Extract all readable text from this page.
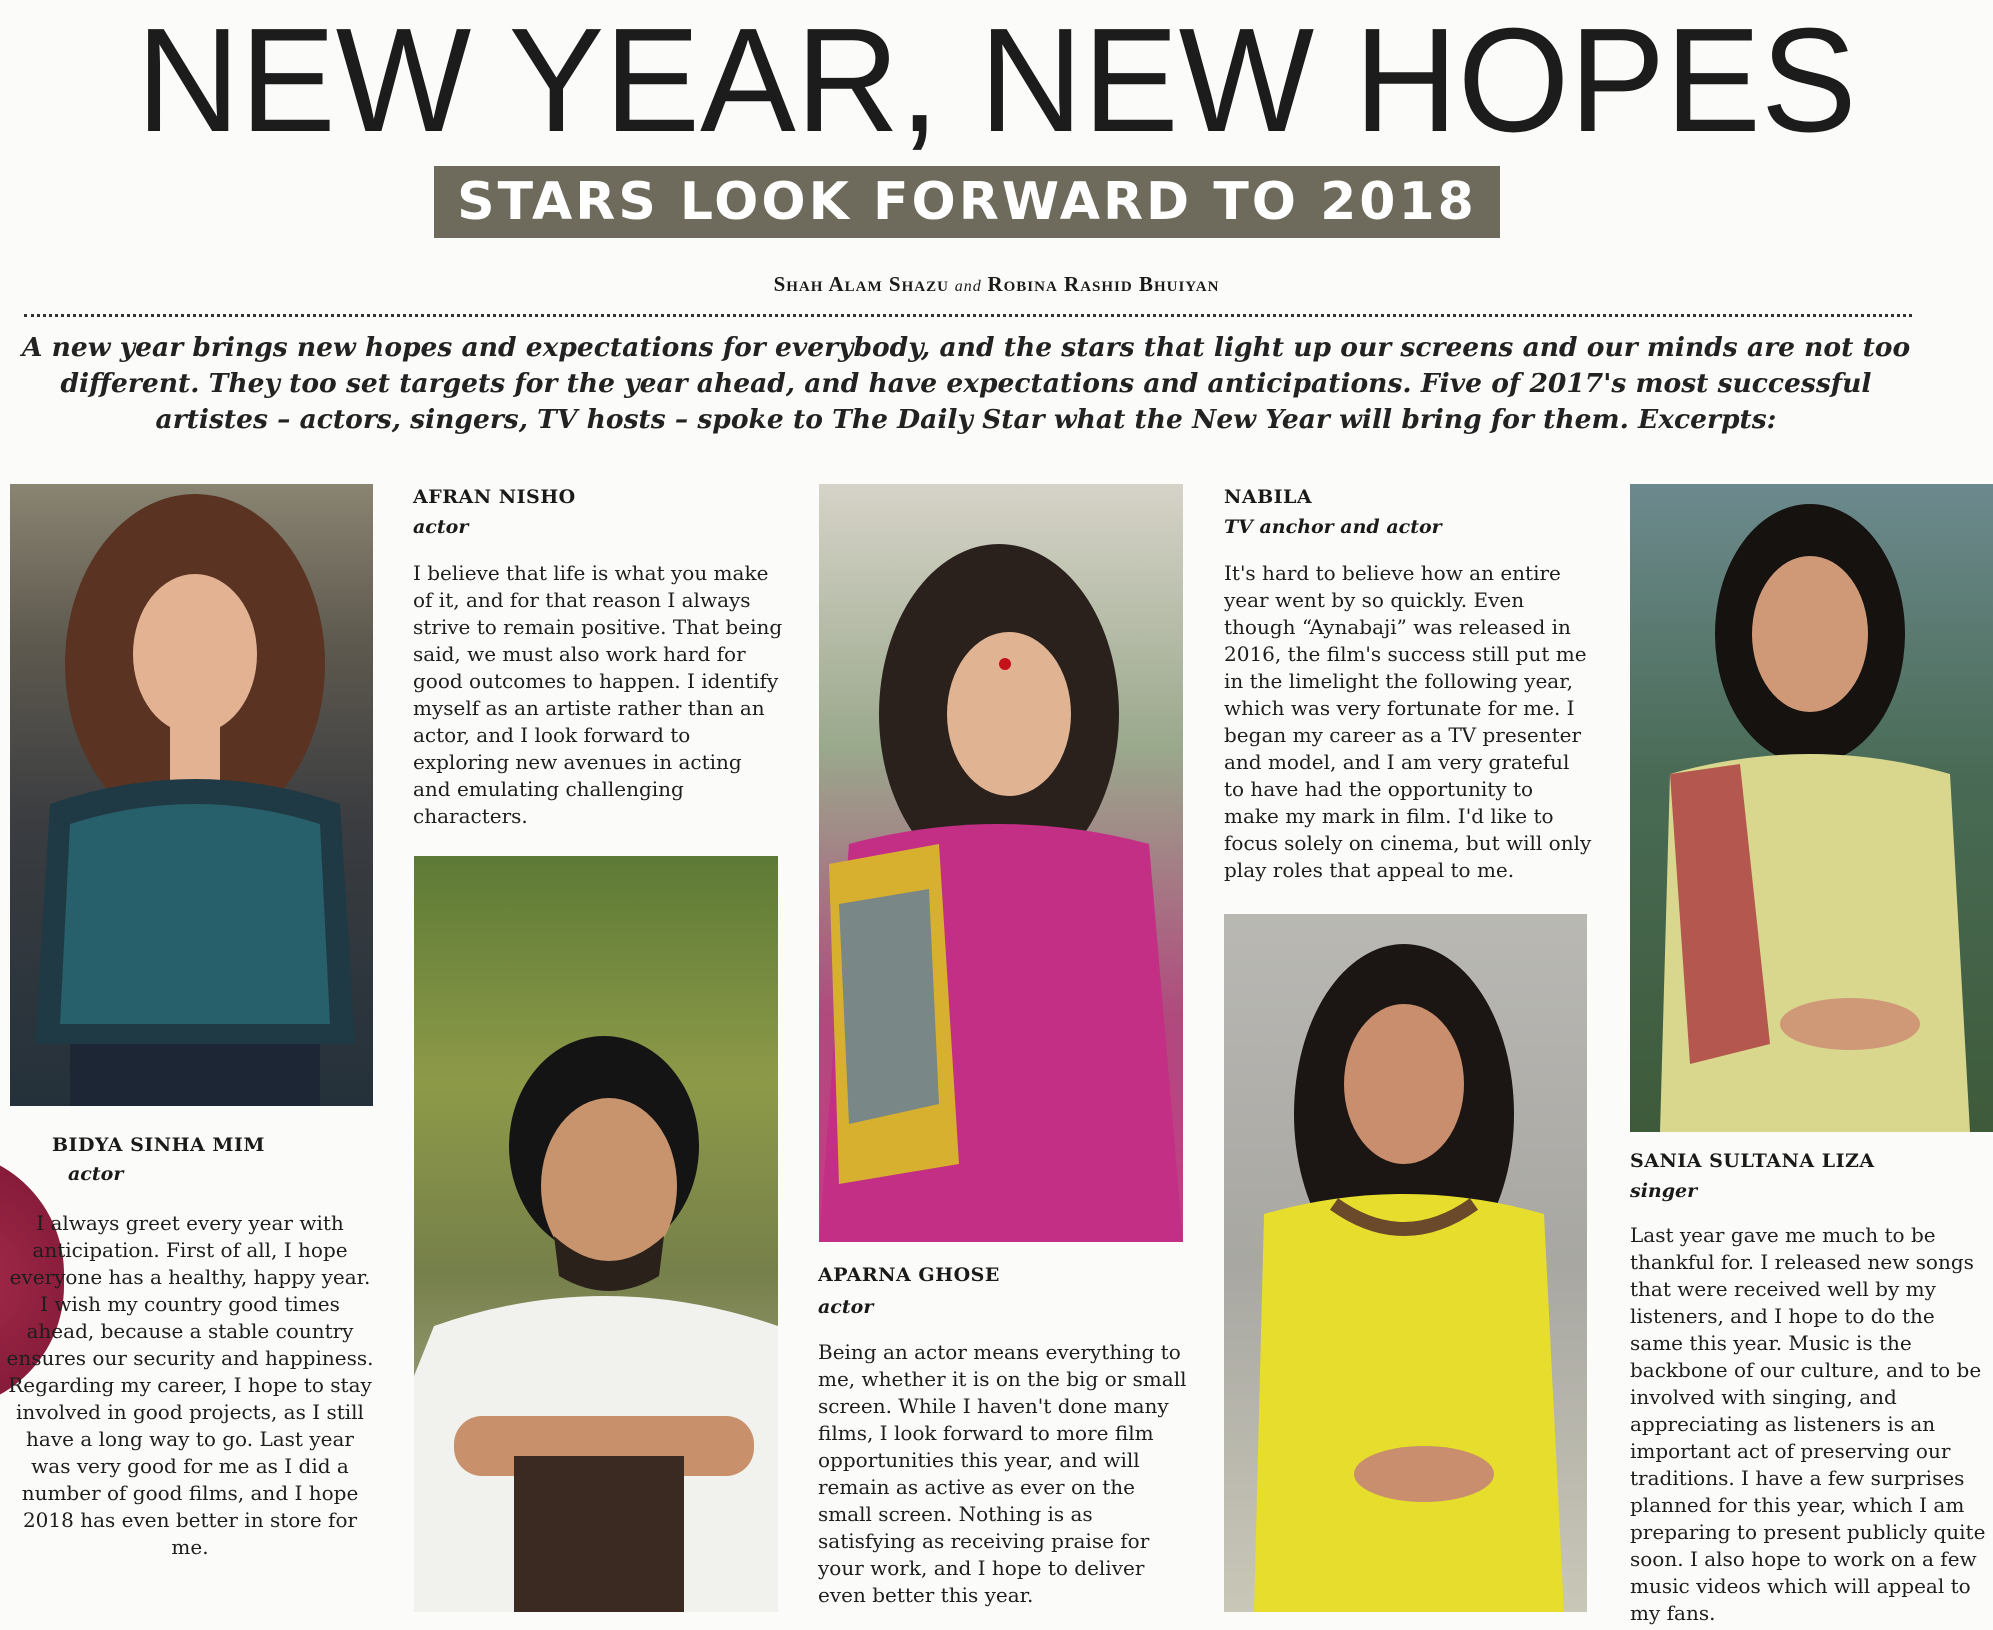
NEW YEAR, NEW HOPES
STARS LOOK FORWARD TO 2018
Shah Alam Shazu and Robina Rashid Bhuiyan
A new year brings new hopes and expectations for everybody, and the stars that light up our screens and our minds are not too different. They too set targets for the year ahead, and have expectations and anticipations. Five of 2017's most successful artistes – actors, singers, TV hosts – spoke to The Daily Star what the New Year will bring for them. Excerpts:
BIDYA SINHA MIM
actor
I always greet every year with anticipation. First of all, I hope everyone has a healthy, happy year. I wish my country good times ahead, because a stable country ensures our security and happiness. Regarding my career, I hope to stay involved in good projects, as I still have a long way to go. Last year was very good for me as I did a number of good films, and I hope 2018 has even better in store for me.
AFRAN NISHO
actor
I believe that life is what you make of it, and for that reason I always strive to remain positive. That being said, we must also work hard for good outcomes to happen. I identify myself as an artiste rather than an actor, and I look forward to exploring new avenues in acting and emulating challenging characters.
APARNA GHOSE
actor
Being an actor means everything to me, whether it is on the big or small screen. While I haven't done many films, I look forward to more film opportunities this year, and will remain as active as ever on the small screen. Nothing is as satisfying as receiving praise for your work, and I hope to deliver even better this year.
NABILA
TV anchor and actor
It's hard to believe how an entire year went by so quickly. Even though “Aynabaji” was released in 2016, the film's success still put me in the limelight the following year, which was very fortunate for me. I began my career as a TV presenter and model, and I am very grateful to have had the opportunity to make my mark in film. I'd like to focus solely on cinema, but will only play roles that appeal to me.
SANIA SULTANA LIZA
singer
Last year gave me much to be thankful for. I released new songs that were received well by my listeners, and I hope to do the same this year. Music is the backbone of our culture, and to be involved with singing, and appreciating as listeners is an important act of preserving our traditions. I have a few surprises planned for this year, which I am preparing to present publicly quite soon. I also hope to work on a few music videos which will appeal to my fans.
